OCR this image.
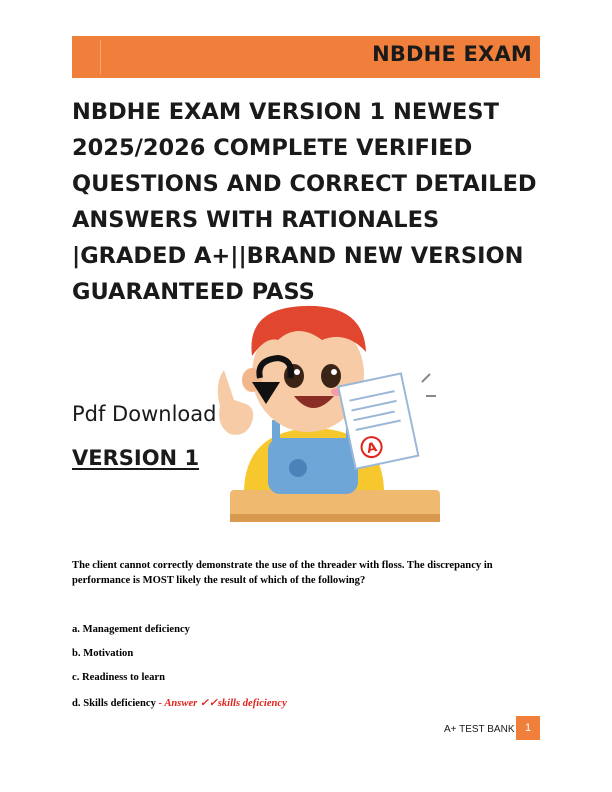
NBDHE EXAM
NBDHE EXAM VERSION 1 NEWEST 2025/2026 COMPLETE VERIFIED QUESTIONS AND CORRECT DETAILED ANSWERS WITH RATIONALES |GRADED A+||BRAND NEW VERSION GUARANTEED PASS
A
Pdf Download
VERSION 1

The client cannot correctly demonstrate the use of the threader with floss. The discrepancy in performance is MOST likely the result of which of the following?

a. Management deficiency
b. Motivation
c. Readiness to learn
d. Skills deficiency - Answer ✓✓skills deficiency
A+ TEST BANK 1
